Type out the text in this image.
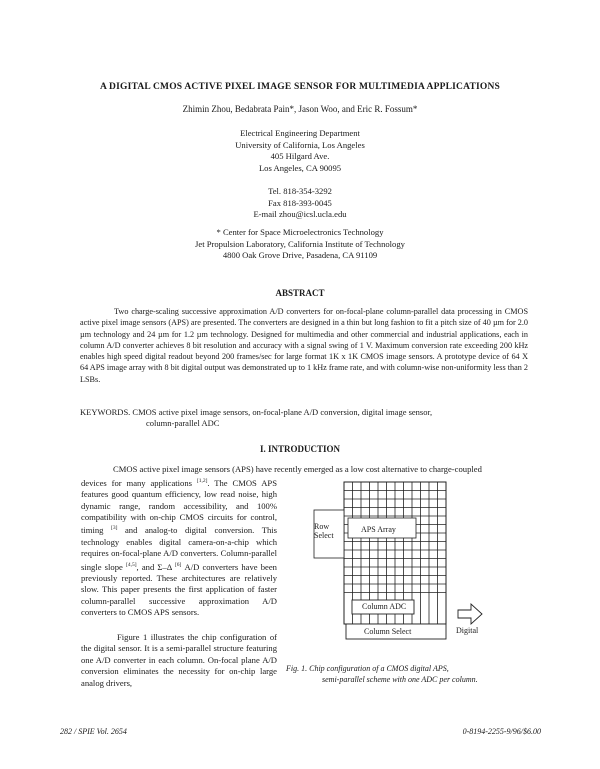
A DIGITAL CMOS ACTIVE PIXEL IMAGE SENSOR FOR MULTIMEDIA APPLICATIONS
Zhimin Zhou, Bedabrata Pain*, Jason Woo, and Eric R. Fossum*
Electrical Engineering Department
University of California, Los Angeles
405 Hilgard Ave.
Los Angeles, CA 90095
Tel. 818-354-3292
Fax 818-393-0045
E-mail zhou@icsl.ucla.edu
* Center for Space Microelectronics Technology
Jet Propulsion Laboratory, California Institute of Technology
4800 Oak Grove Drive, Pasadena, CA 91109
ABSTRACT
Two charge-scaling successive approximation A/D converters for on-focal-plane column-parallel data processing in CMOS active pixel image sensors (APS) are presented. The converters are designed in a thin but long fashion to fit a pitch size of 40 µm for 2.0 µm technology and 24 µm for 1.2 µm technology. Designed for multimedia and other commercial and industrial applications, each in column A/D converter achieves 8 bit resolution and accuracy with a signal swing of 1 V. Maximum conversion rate exceeding 200 kHz enables high speed digital readout beyond 200 frames/sec for large format 1K x 1K CMOS image sensors. A prototype device of 64 X 64 APS image array with 8 bit digital output was demonstrated up to 1 kHz frame rate, and with column-wise non-uniformity less than 2 LSBs.
KEYWORDS. CMOS active pixel image sensors, on-focal-plane A/D conversion, digital image sensor,
column-parallel ADC
I. INTRODUCTION
CMOS active pixel image sensors (APS) have recently emerged as a low cost alternative to charge-coupled
devices for many applications [1,2]. The CMOS APS features good quantum efficiency, low read noise, high dynamic range, random accessibility, and 100% compatibility with on-chip CMOS circuits for control, timing [3] and analog-to digital conversion. This technology enables digital camera-on-a-chip which requires on-focal-plane A/D converters. Column-parallel single slope [4,5], and Σ–Δ [6] A/D converters have been previously reported. These architectures are relatively slow. This paper presents the first application of faster column-parallel successive approximation A/D converters to CMOS APS sensors.
Figure 1 illustrates the chip configuration of the digital sensor. It is a semi-parallel structure featuring one A/D converter in each column. On-focal plane A/D conversion eliminates the necessity for on-chip large analog drivers,
Row
Select
APS Array
Column ADC
Column Select	Digital
Fig. 1. Chip configuration of a CMOS digital APS,
semi-parallel scheme with one ADC per column.
282 / SPIE Vol. 2654	0-8194-2255-9/96/$6.00
